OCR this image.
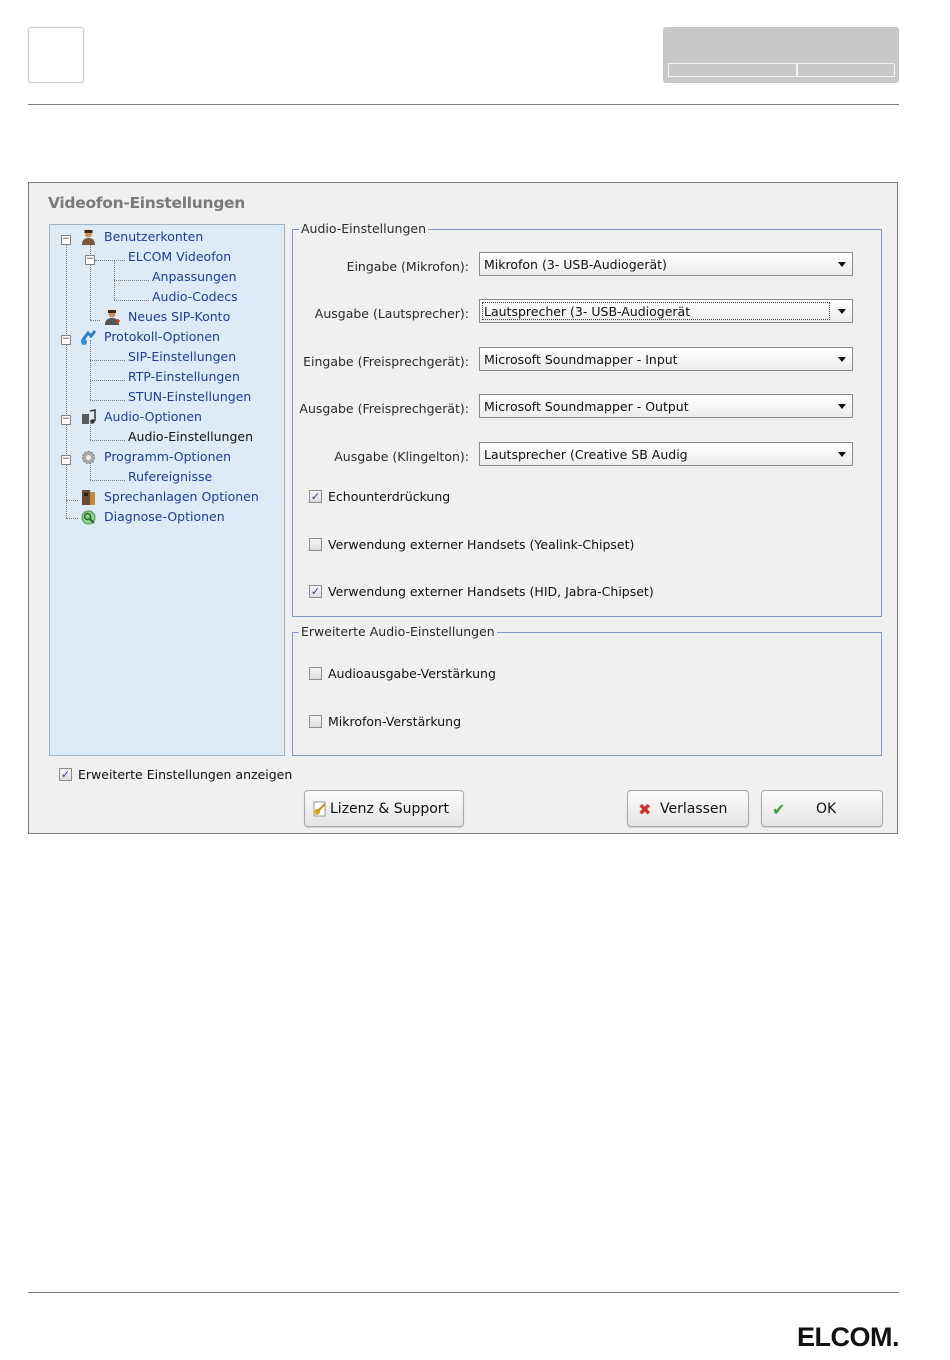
Videofon-Einstellungen
−
−
−
−
−
Benutzerkonten
ELCOM Videofon
Anpassungen
Audio-Codecs
Neues SIP-Konto
Protokoll-Optionen
SIP-Einstellungen
RTP-Einstellungen
STUN-Einstellungen
Audio-Optionen
Audio-Einstellungen
Programm-Optionen
Rufereignisse
Sprechanlagen Optionen
Diagnose-Optionen
Audio-Einstellungen
Eingabe (Mikrofon): Mikrofon (3- USB-Audiogerät)
Ausgabe (Lautsprecher): Lautsprecher (3- USB-Audiogerät
Eingabe (Freisprechgerät): Microsoft Soundmapper - Input
Ausgabe (Freisprechgerät): Microsoft Soundmapper - Output
Ausgabe (Klingelton): Lautsprecher (Creative SB Audig
✓ Echounterdrückung
Verwendung externer Handsets (Yealink-Chipset)
✓ Verwendung externer Handsets (HID, Jabra-Chipset)
Erweiterte Audio-Einstellungen
Audioausgabe-Verstärkung
Mikrofon-Verstärkung
✓ Erweiterte Einstellungen anzeigen
Lizenz & Support	✖ Verlassen	✔ OK
ELCOM.
